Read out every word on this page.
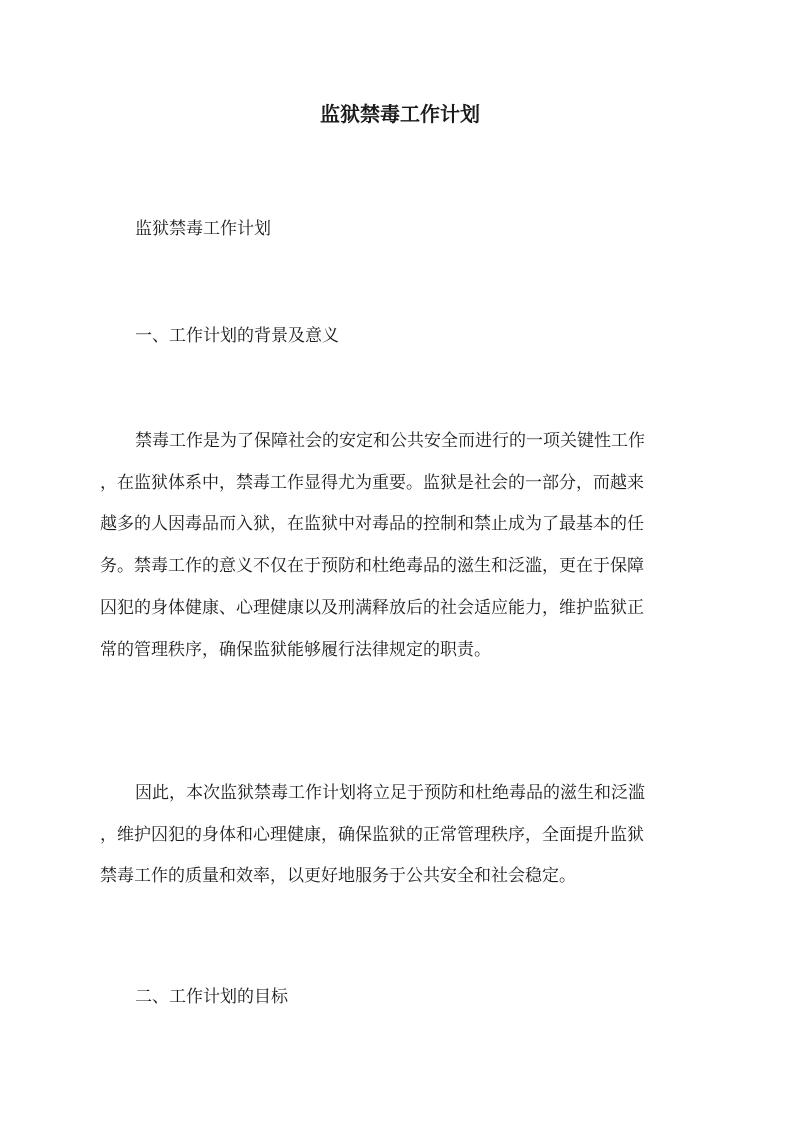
监狱禁毒工作计划

监狱禁毒工作计划

一、工作计划的背景及意义

禁毒工作是为了保障社会的安定和公共安全而进行的一项关键性工作
，在监狱体系中，禁毒工作显得尤为重要。监狱是社会的一部分，而越来
越多的人因毒品而入狱，在监狱中对毒品的控制和禁止成为了最基本的任
务。禁毒工作的意义不仅在于预防和杜绝毒品的滋生和泛滥，更在于保障
囚犯的身体健康、心理健康以及刑满释放后的社会适应能力，维护监狱正
常的管理秩序，确保监狱能够履行法律规定的职责。
因此，本次监狱禁毒工作计划将立足于预防和杜绝毒品的滋生和泛滥
，维护囚犯的身体和心理健康，确保监狱的正常管理秩序，全面提升监狱
禁毒工作的质量和效率，以更好地服务于公共安全和社会稳定。

二、工作计划的目标
